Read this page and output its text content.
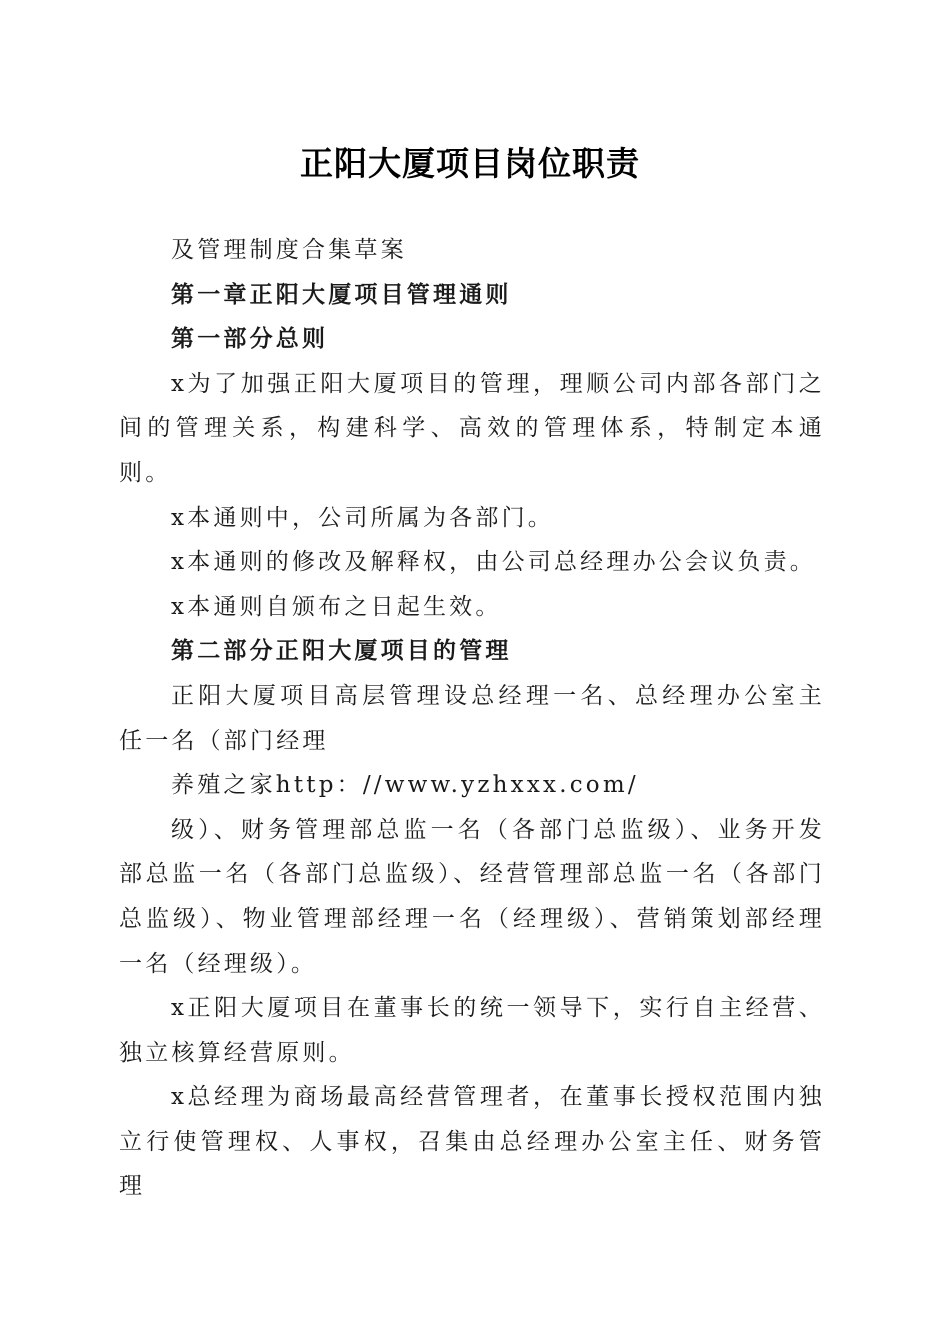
正阳大厦项目岗位职责

及管理制度合集草案

第一章正阳大厦项目管理通则

第一部分总则

x为了加强正阳大厦项目的管理，理顺公司内部各部门之间的管理关系，构建科学、高效的管理体系，特制定本通则。

x本通则中，公司所属为各部门。

x本通则的修改及解释权，由公司总经理办公会议负责。

x本通则自颁布之日起生效。

第二部分正阳大厦项目的管理

正阳大厦项目高层管理设总经理一名、总经理办公室主任一名（部门经理

养殖之家http：//www.yzhxxx.com/

级）、财务管理部总监一名（各部门总监级）、业务开发部总监一名（各部门总监级）、经营管理部总监一名（各部门总监级）、物业管理部经理一名（经理级）、营销策划部经理一名（经理级）。

x正阳大厦项目在董事长的统一领导下，实行自主经营、独立核算经营原则。

x总经理为商场最高经营管理者，在董事长授权范围内独立行使管理权、人事权，召集由总经理办公室主任、财务管理
